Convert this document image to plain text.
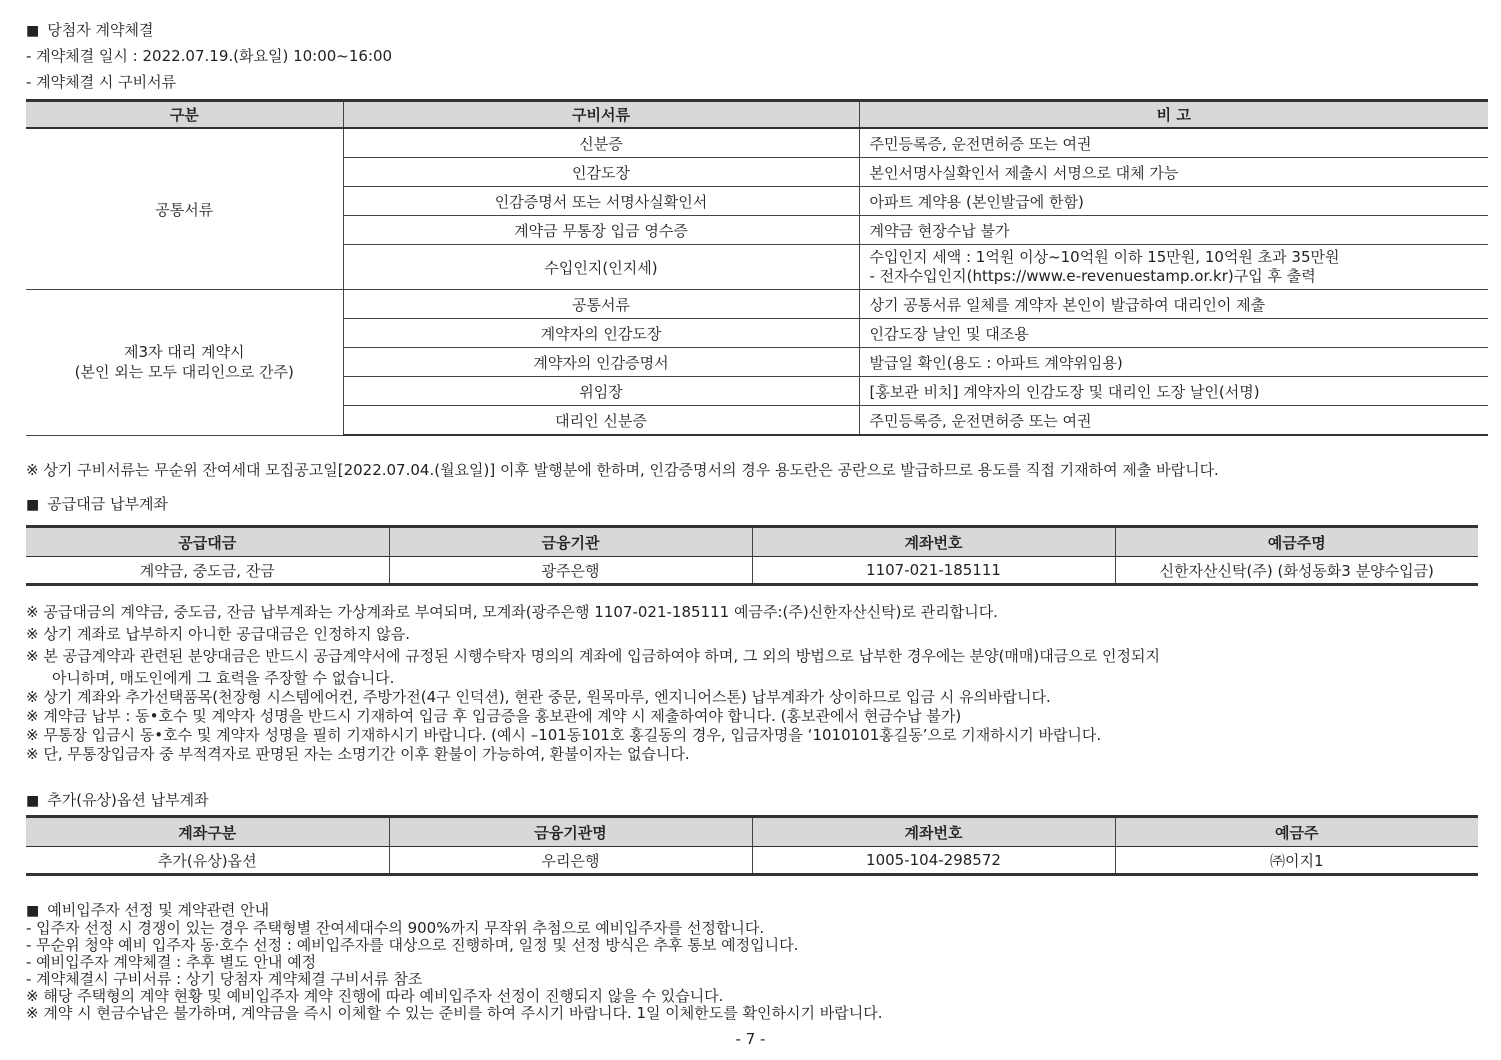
■ 당첨자 계약체결
- 계약체결 일시 : 2022.07.19.(화요일) 10:00~16:00
- 계약체결 시 구비서류
구분	구비서류	비 고
공통서류	신분증	주민등록증, 운전면허증 또는 여권
	인감도장	본인서명사실확인서 제출시 서명으로 대체 가능
	인감증명서 또는 서명사실확인서	아파트 계약용 (본인발급에 한함)
	계약금 무통장 입금 영수증	계약금 현장수납 불가
	수입인지(인지세)	수입인지 세액 : 1억원 이상~10억원 이하 15만원, 10억원 초과 35만원
- 전자수입인지(https://www.e-revenuestamp.or.kr)구입 후 출력

제3자 대리 계약시
(본인 외는 모두 대리인으로 간주)	공통서류	상기 공통서류 일체를 계약자 본인이 발급하여 대리인이 제출
	계약자의 인감도장	인감도장 날인 및 대조용
	계약자의 인감증명서	발급일 확인(용도 : 아파트 계약위임용)
	위임장	[홍보관 비치] 계약자의 인감도장 및 대리인 도장 날인(서명)
	대리인 신분증	주민등록증, 운전면허증 또는 여권
※ 상기 구비서류는 무순위 잔여세대 모집공고일[2022.07.04.(월요일)] 이후 발행분에 한하며, 인감증명서의 경우 용도란은 공란으로 발급하므로 용도를 직접 기재하여 제출 바랍니다.
■ 공급대금 납부계좌
공급대금	금융기관	계좌번호	예금주명
계약금, 중도금, 잔금	광주은행	1107-021-185111	신한자산신탁(주) (화성동화3 분양수입금)
※ 공급대금의 계약금, 중도금, 잔금 납부계좌는 가상계좌로 부여되며, 모계좌(광주은행 1107-021-185111 예금주:(주)신한자산신탁)로 관리합니다.
※ 상기 계좌로 납부하지 아니한 공급대금은 인정하지 않음.
※ 본 공급계약과 관련된 분양대금은 반드시 공급계약서에 규정된 시행수탁자 명의의 계좌에 입금하여야 하며, 그 외의 방법으로 납부한 경우에는 분양(매매)대금으로 인정되지
아니하며, 매도인에게 그 효력을 주장할 수 없습니다.
※ 상기 계좌와 추가선택품목(천장형 시스템에어컨, 주방가전(4구 인덕션), 현관 중문, 원목마루, 엔지니어스톤) 납부계좌가 상이하므로 입금 시 유의바랍니다.
※ 계약금 납부 : 동•호수 및 계약자 성명을 반드시 기재하여 입금 후 입금증을 홍보관에 계약 시 제출하여야 합니다. (홍보관에서 현금수납 불가)
※ 무통장 입금시 동•호수 및 계약자 성명을 필히 기재하시기 바랍니다. (예시 –101동101호 홍길동의 경우, 입금자명을 ‘1010101홍길동’으로 기재하시기 바랍니다.
※ 단, 무통장입금자 중 부적격자로 판명된 자는 소명기간 이후 환불이 가능하여, 환불이자는 없습니다.
■ 추가(유상)옵션 납부계좌
계좌구분	금융기관명	계좌번호	예금주
추가(유상)옵션	우리은행	1005-104-298572	㈜이지1
■ 예비입주자 선정 및 계약관련 안내
- 입주자 선정 시 경쟁이 있는 경우 주택형별 잔여세대수의 900%까지 무작위 추첨으로 예비입주자를 선정합니다.
- 무순위 청약 예비 입주자 동·호수 선정 : 예비입주자를 대상으로 진행하며, 일정 및 선정 방식은 추후 통보 예정입니다.
- 예비입주자 계약체결 : 추후 별도 안내 예정
- 계약체결시 구비서류 : 상기 당첨자 계약체결 구비서류 참조
※ 해당 주택형의 계약 현황 및 예비입주자 계약 진행에 따라 예비입주자 선정이 진행되지 않을 수 있습니다.
※ 계약 시 현금수납은 불가하며, 계약금을 즉시 이체할 수 있는 준비를 하여 주시기 바랍니다. 1일 이체한도를 확인하시기 바랍니다.
- 7 -
